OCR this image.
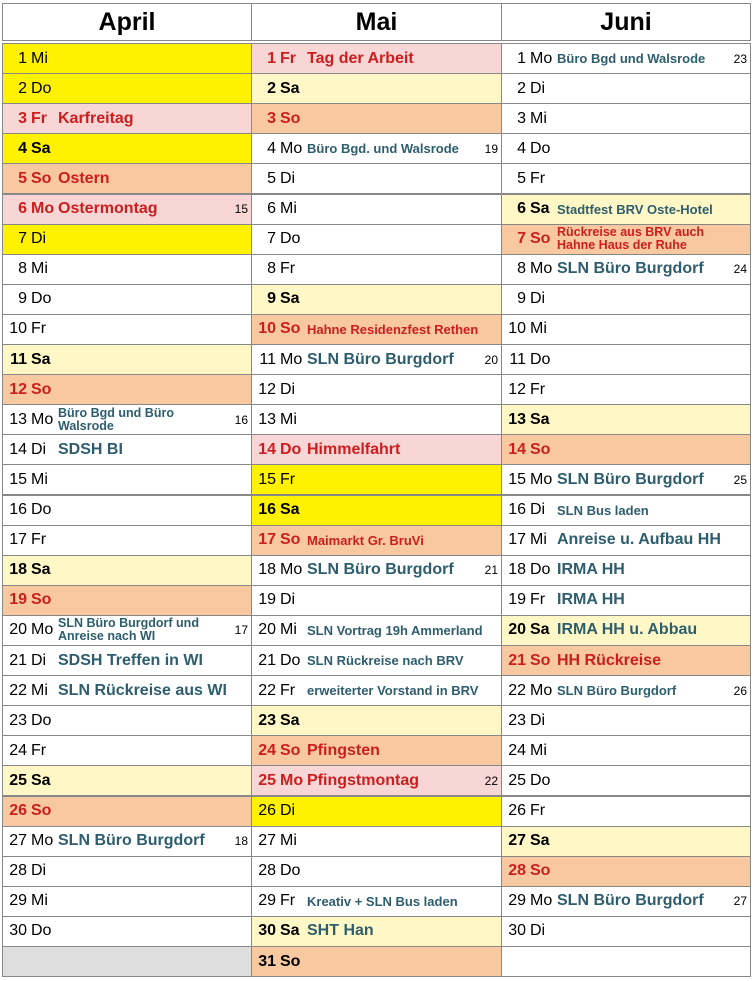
April
1 Mi
2 Do
3 Fr Karfreitag
4 Sa
5 So Ostern
6 Mo Ostermontag	15
7 Di
8 Mi
9 Do
10 Fr
11 Sa
12 So
13 Mo Büro Bgd und Büro Walsrode	16
14 Di SDSH BI
15 Mi
16 Do
17 Fr
18 Sa
19 So
20 Mo SLN Büro Burgdorf und Anreise nach WI	17
21 Di SDSH Treffen in WI
22 Mi SLN Rückreise aus WI
23 Do
24 Fr
25 Sa
26 So
27 Mo SLN Büro Burgdorf 18
28 Di
29 Mi
30 Do
Mai
1 Fr Tag der Arbeit
2 Sa
3 So
4 Mo Büro Bgd. und Walsrode 19
5 Di
6 Mi
7 Do
8 Fr
9 Sa
10 So Hahne Residenzfest Rethen
11 Mo SLN Büro Burgdorf	20
12 Di
13 Mi
14 Do Himmelfahrt
15 Fr
16 Sa
17 So Maimarkt Gr. BruVi
18 Mo SLN Büro Burgdorf	21
19 Di
20 Mi SLN Vortrag 19h Ammerland
21 Do SLN Rückreise nach BRV
22 Fr erweiterter Vorstand in BRV
23 Sa
24 So Pfingsten
25 Mo Pfingstmontag	22
26 Di
27 Mi
28 Do
29 Fr Kreativ + SLN Bus laden
30 Sa SHT Han
31 So
Juni
1 Mo Büro Bgd und Walsrode 23
2 Di
3 Mi
4 Do
5 Fr
6 Sa Stadtfest BRV Oste-Hotel
7 So Rückreise aus BRV auch Hahne Haus der Ruhe
8 Mo SLN Büro Burgdorf 24
9 Di
10 Mi
11 Do
12 Fr
13 Sa
14 So
15 Mo SLN Büro Burgdorf 25
16 Di SLN Bus laden
17 Mi Anreise u. Aufbau HH
18 Do IRMA HH
19 Fr IRMA HH
20 Sa IRMA HH u. Abbau
21 So HH Rückreise
22 Mo SLN Büro Burgdorf	26
23 Di
24 Mi
25 Do
26 Fr
27 Sa
28 So
29 Mo SLN Büro Burgdorf 27
30 Di
